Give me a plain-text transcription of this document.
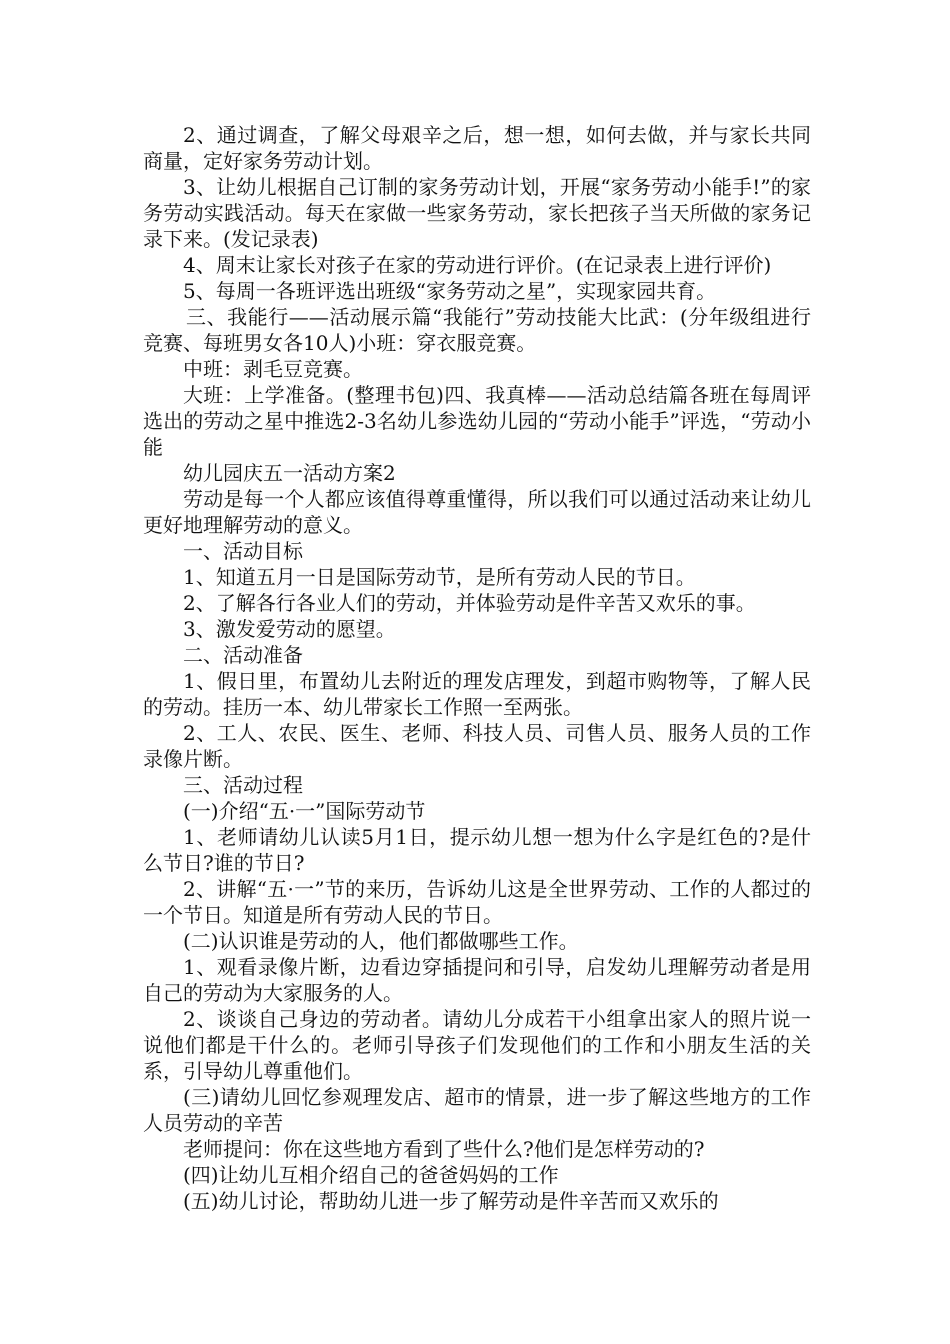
2、通过调查，了解父母艰辛之后，想一想，如何去做，并与家长共同商量，定好家务劳动计划。

3、让幼儿根据自己订制的家务劳动计划，开展“家务劳动小能手!”的家务劳动实践活动。每天在家做一些家务劳动，家长把孩子当天所做的家务记录下来。(发记录表)

4、周末让家长对孩子在家的劳动进行评价。(在记录表上进行评价)

5、每周一各班评选出班级“家务劳动之星”，实现家园共育。

三、我能行——活动展示篇“我能行”劳动技能大比武：(分年级组进行竞赛、每班男女各10人)小班：穿衣服竞赛。

中班：剥毛豆竞赛。

大班：上学准备。(整理书包)四、我真棒——活动总结篇各班在每周评选出的劳动之星中推选2-3名幼儿参选幼儿园的“劳动小能手”评选，“劳动小能

幼儿园庆五一活动方案2

劳动是每一个人都应该值得尊重懂得，所以我们可以通过活动来让幼儿更好地理解劳动的意义。

一、活动目标

1、知道五月一日是国际劳动节，是所有劳动人民的节日。

2、了解各行各业人们的劳动，并体验劳动是件辛苦又欢乐的事。

3、激发爱劳动的愿望。

二、活动准备

1、假日里，布置幼儿去附近的理发店理发，到超市购物等，了解人民的劳动。挂历一本、幼儿带家长工作照一至两张。

2、工人、农民、医生、老师、科技人员、司售人员、服务人员的工作录像片断。

三、活动过程

(一)介绍“五·一”国际劳动节

1、老师请幼儿认读5月1日，提示幼儿想一想为什么字是红色的?是什么节日?谁的节日?

2、讲解“五·一”节的来历，告诉幼儿这是全世界劳动、工作的人都过的一个节日。知道是所有劳动人民的节日。

(二)认识谁是劳动的人，他们都做哪些工作。

1、观看录像片断，边看边穿插提问和引导，启发幼儿理解劳动者是用自己的劳动为大家服务的人。

2、谈谈自己身边的劳动者。请幼儿分成若干小组拿出家人的照片说一说他们都是干什么的。老师引导孩子们发现他们的工作和小朋友生活的关系，引导幼儿尊重他们。

(三)请幼儿回忆参观理发店、超市的情景，进一步了解这些地方的工作人员劳动的辛苦

老师提问：你在这些地方看到了些什么?他们是怎样劳动的?

(四)让幼儿互相介绍自己的爸爸妈妈的工作

(五)幼儿讨论，帮助幼儿进一步了解劳动是件辛苦而又欢乐的
